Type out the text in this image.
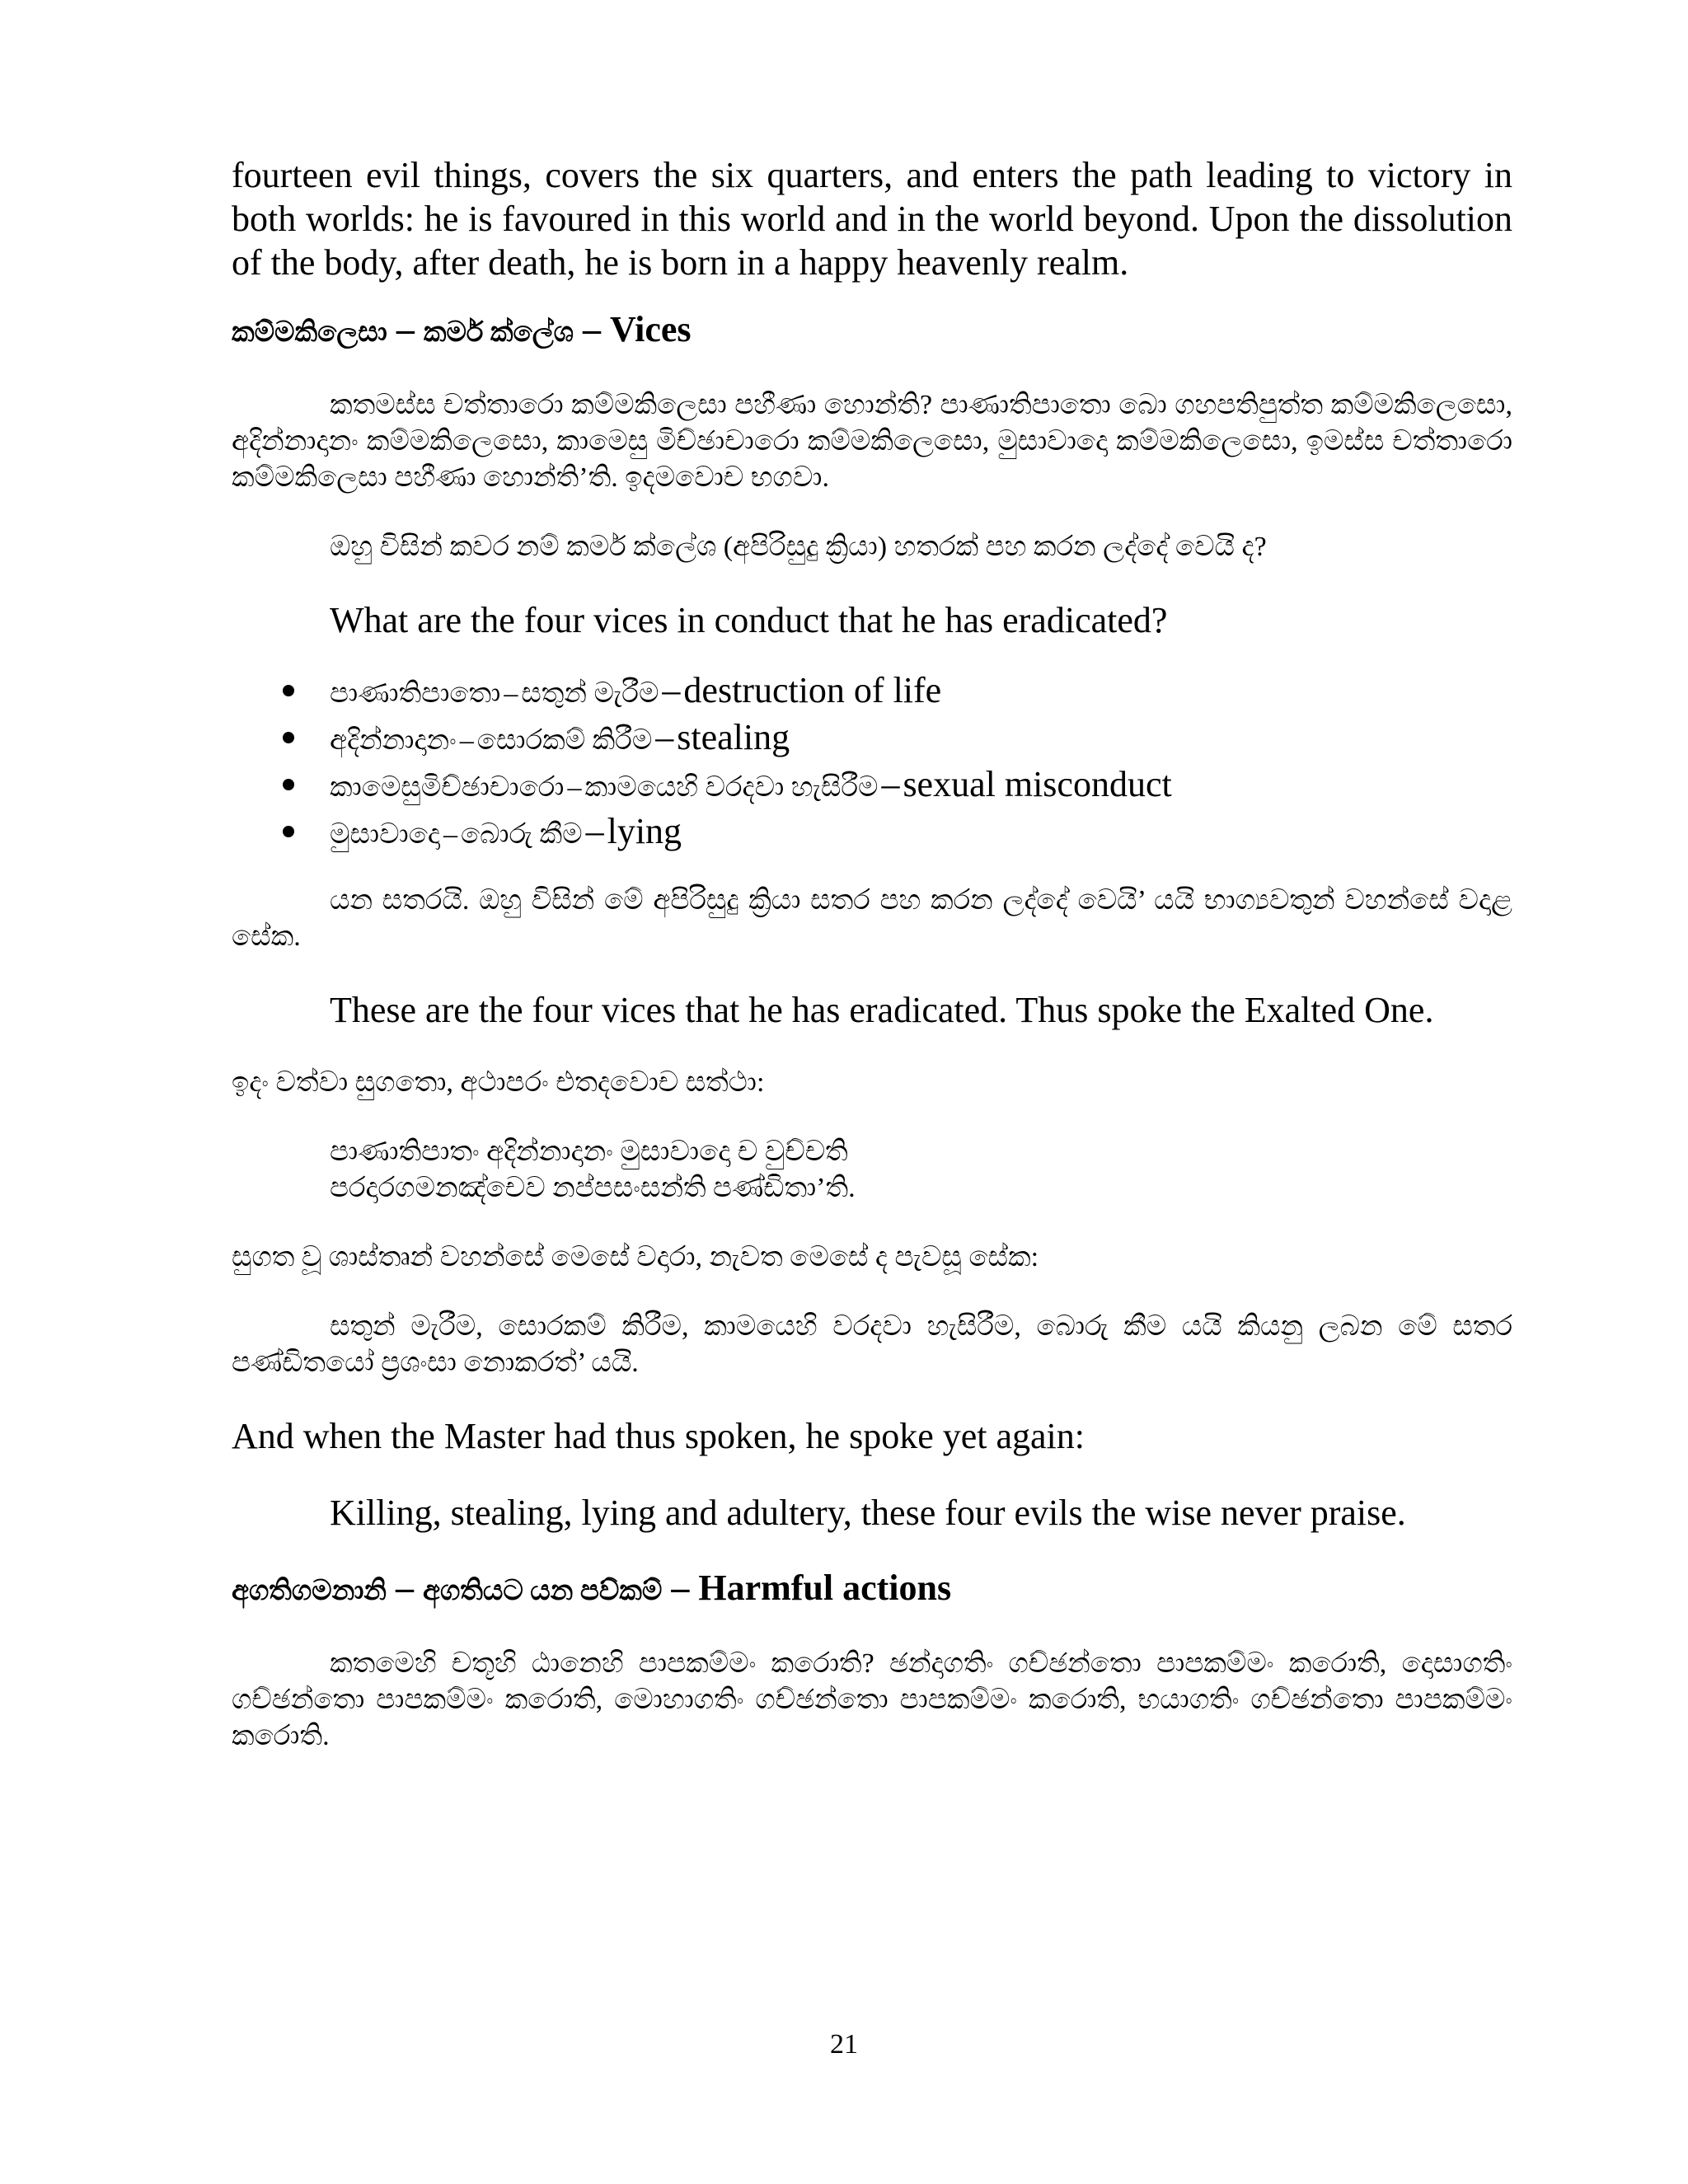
fourteen evil things, covers the six quarters, and enters the path leading to victory in both worlds: he is favoured in this world and in the world beyond. Upon the dissolution of the body, after death, he is born in a happy heavenly realm.

කම්මකිලෙසා – කර්ම ක්ලේශ – Vices

කතමස්ස චත්තාරො කම්මකිලෙසා පහීණා හොන්ති? පාණාතිපාතො බො ගහපතිපුත්ත කම්මකිලෙසො, අදින්නාදානං කම්මකිලෙසො, කාමෙසු මිච්ඡාචාරො කම්මකිලෙසො, මුසාවාදො කම්මකිලෙසො, ඉමස්ස චත්තාරො කම්මකිලෙසා පහීණා හොන්ති’ති. ඉදමවොච භගවා.

ඔහු විසින් කවර නම් කර්ම ක්ලේශ (අපිරිසුදු ක්‍රියා) හතරක් පහ කරන ලද්දේ වෙයි ද?

What are the four vices in conduct that he has eradicated?

පාණාතිපාතො – සතුන් මැරීම – destruction of life
අදින්නාදානං – සොරකම් කිරීම – stealing
කාමෙසුමිච්ඡාචාරො – කාමයෙහි වරදවා හැසිරීම – sexual misconduct
මුසාවාදො – බොරු කීම – lying

යන සතරයි. ඔහු විසින් මේ අපිරිසුදු ක්‍රියා සතර පහ කරන ලද්දේ වෙයි’ යයි භාග්‍යවතුන් වහන්සේ වදාළ සේක.

These are the four vices that he has eradicated. Thus spoke the Exalted One.

ඉදං වත්වා සුගතො, අථාපරං එතදවොච සත්ථා:

පාණාතිපාතං අදින්නාදානං මුසාවාදො ච වුච්චති
පරදාරගමනඤ්චෙව නප්පසංසන්ති පණ්ඩිතා’ති.

සුගත වූ ශාස්තෘන් වහන්සේ මෙසේ වදාරා, නැවත මෙසේ ද පැවසූ සේක:

සතුන් මැරීම, සොරකම් කිරීම, කාමයෙහි වරදවා හැසිරීම, බොරු කීම යයි කියනු ලබන මේ සතර පණ්ඩිතයෝ ප්‍රශංසා නොකරත්’ යයි.

And when the Master had thus spoken, he spoke yet again:

Killing, stealing, lying and adultery, these four evils the wise never praise.

අගතිගමනානි – අගතියට යන පව්කම් – Harmful actions

කතමෙහි චතූහි ඨානෙහි පාපකම්මං කරොති? ඡන්දාගතිං ගච්ඡන්තො පාපකම්මං කරොති, දොසාගතිං ගච්ඡන්තො පාපකම්මං කරොති, මොහාගතිං ගච්ඡන්තො පාපකම්මං කරොති, භයාගතිං ගච්ඡන්තො පාපකම්මං කරොති.

21
